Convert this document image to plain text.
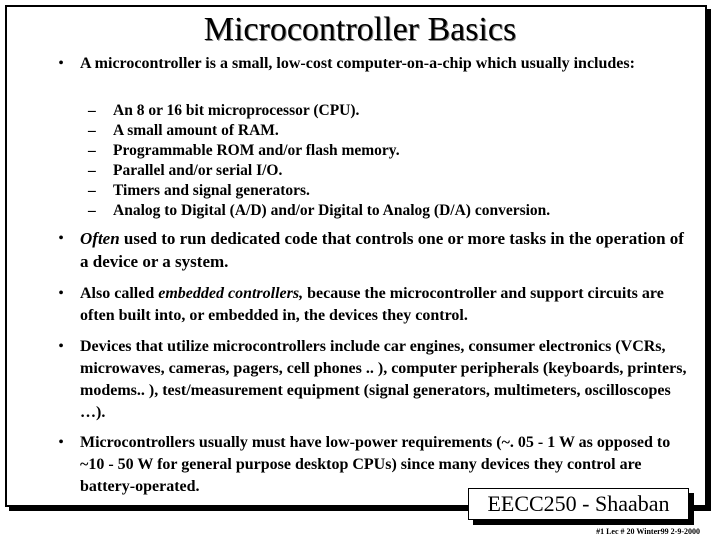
Microcontroller Basics
• A microcontroller is a small, low-cost computer-on-a-chip which usually includes:
– An 8 or 16 bit microprocessor (CPU).
– A small amount of RAM.
– Programmable ROM and/or flash memory.
– Parallel and/or serial I/O.
– Timers and signal generators.
– Analog to Digital (A/D) and/or Digital to Analog (D/A) conversion.
• Often used to run dedicated code that controls one or more tasks in the operation of a device or a system.
• Also called embedded controllers, because the microcontroller and support circuits are often built into, or embedded in, the devices they control.
• Devices that utilize microcontrollers include car engines, consumer electronics (VCRs, microwaves, cameras, pagers, cell phones .. ), computer peripherals (keyboards, printers, modems.. ), test/measurement equipment (signal generators, multimeters, oscilloscopes …).
• Microcontrollers usually must have low-power requirements (~. 05 - 1 W as opposed to ~10 - 50 W for general purpose desktop CPUs) since many devices they control are battery-operated.
EECC250 - Shaaban
#1 Lec # 20 Winter99 2-9-2000
